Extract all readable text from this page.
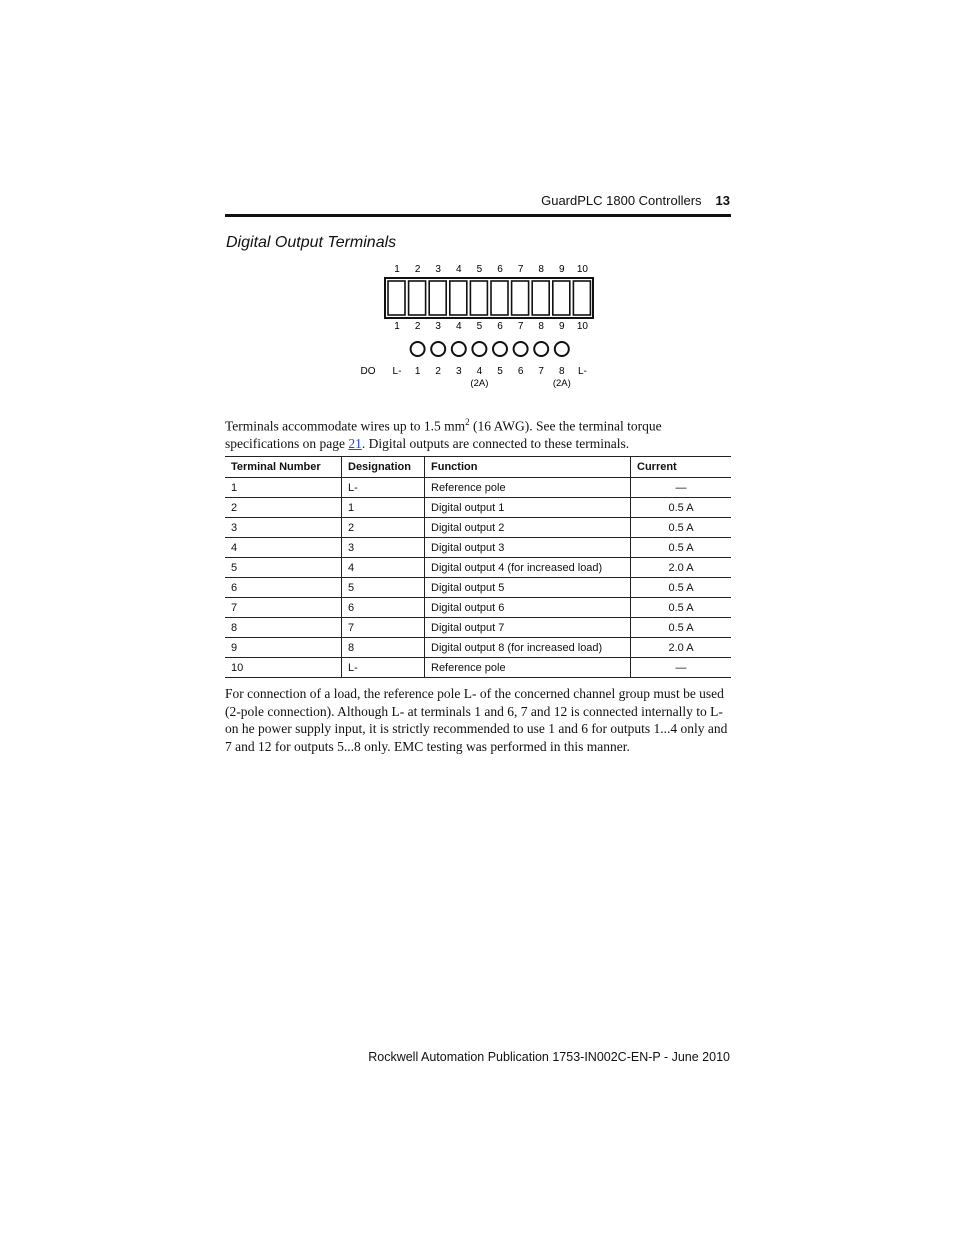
GuardPLC 1800 Controllers 13
Digital Output Terminals
1 2 3 4 5 6 7 8 9 10
1 2 3 4 5 6 7 8 9 10
DO L- 1 2 3 4 5 6 7 8 L-
(2A)	(2A)
Terminals accommodate wires up to 1.5 $mm^2$ (16 AWG). See the terminal torque specifications on page 21. Digital outputs are connected to these terminals.
Terminal Number	Designation	Function	Current
1	L-	Reference pole	—
2	1	Digital output 1	0.5 A
3	2	Digital output 2	0.5 A
4	3	Digital output 3	0.5 A
5	4	Digital output 4 (for increased load)	2.0 A
6	5	Digital output 5	0.5 A
7	6	Digital output 6	0.5 A
8	7	Digital output 7	0.5 A
9	8	Digital output 8 (for increased load)	2.0 A
10	L-	Reference pole	—
For connection of a load, the reference pole L- of the concerned channel group must be used (2-pole connection). Although L- at terminals 1 and 6, 7 and 12 is connected internally to L- on he power supply input, it is strictly recommended to use 1 and 6 for outputs 1...4 only and 7 and 12 for outputs 5...8 only. EMC testing was performed in this manner.
Rockwell Automation Publication 1753-IN002C-EN-P - June 2010
